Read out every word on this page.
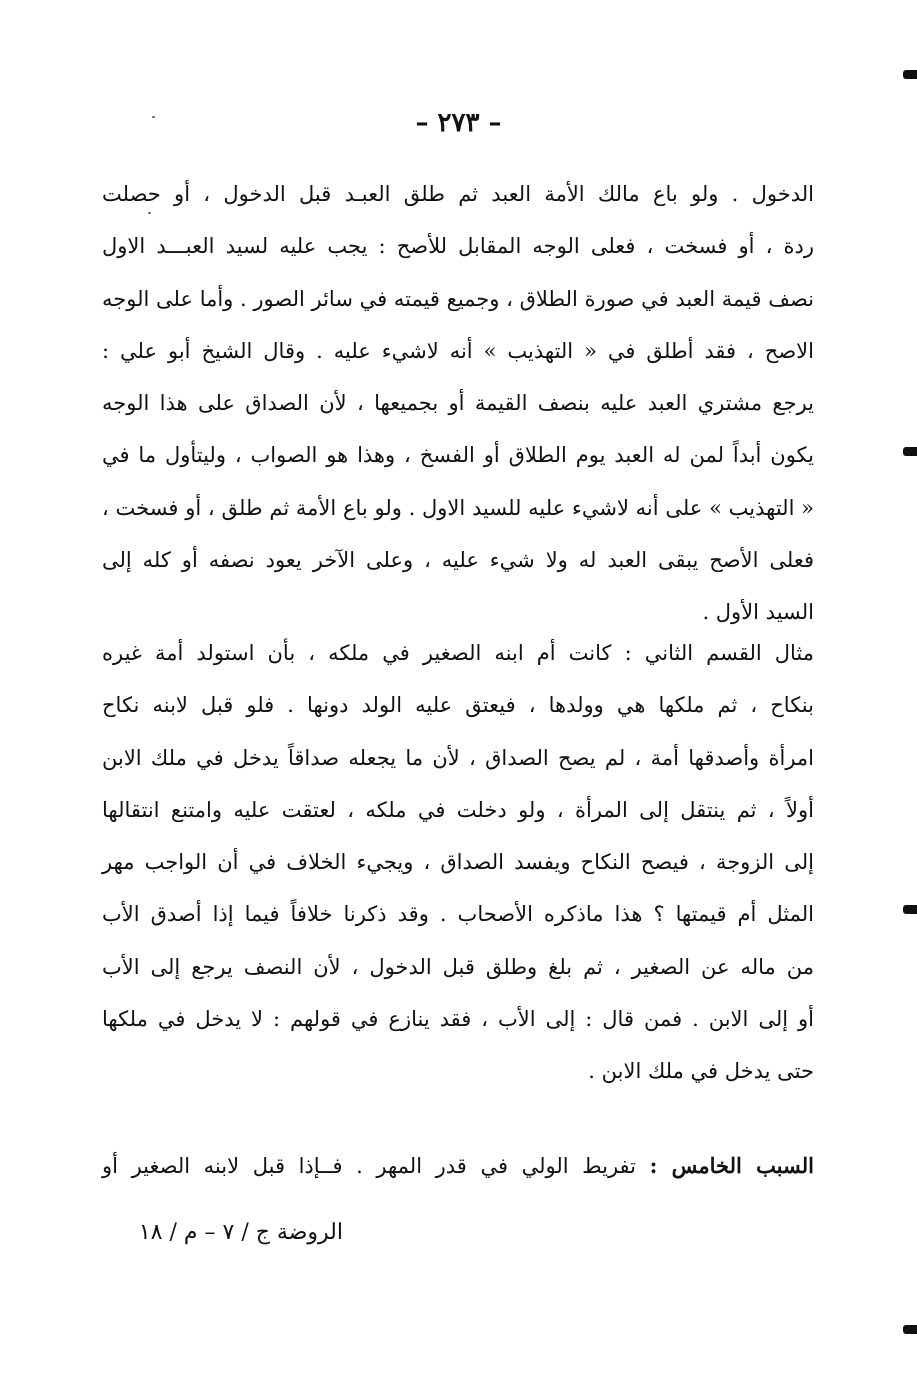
– ٢٧٣ –
الدخول . ولو باع مالك الأمة العبد ثم طلق العبـد قبل الدخول ، أو حصلت
ردة ، أو فسخت ، فعلى الوجه المقابل للأصح : يجب عليه لسيد العبـــد الاول
نصف قيمة العبد في صورة الطلاق ، وجميع قيمته في سائر الصور . وأما على الوجه
الاصح ، فقد أطلق في « التهذيب » أنه لاشيء عليه . وقال الشيخ أبو علي :
يرجع مشتري العبد عليه بنصف القيمة أو بجميعها ، لأن الصداق على هذا الوجه
يكون أبداً لمن له العبد يوم الطلاق أو الفسخ ، وهذا هو الصواب ، وليتأول ما في
« التهذيب » على أنه لاشيء عليه للسيد الاول . ولو باع الأمة ثم طلق ، أو فسخت ،
فعلى الأصح يبقى العبد له ولا شيء عليه ، وعلى الآخر يعود نصفه أو كله إلى
السيد الأول .
مثال القسم الثاني : كانت أم ابنه الصغير في ملكه ، بأن استولد أمة غيره
بنكاح ، ثم ملكها هي وولدها ، فيعتق عليه الولد دونها . فلو قبل لابنه نكاح
امرأة وأصدقها أمة ، لم يصح الصداق ، لأن ما يجعله صداقاً يدخل في ملك الابن
أولاً ، ثم ينتقل إلى المرأة ، ولو دخلت في ملكه ، لعتقت عليه وامتنع انتقالها
إلى الزوجة ، فيصح النكاح ويفسد الصداق ، ويجيء الخلاف في أن الواجب مهر
المثل أم قيمتها ؟ هذا ماذكره الأصحاب . وقد ذكرنا خلافاً فيما إذا أصدق الأب
من ماله عن الصغير ، ثم بلغ وطلق قبل الدخول ، لأن النصف يرجع إلى الأب
أو إلى الابن . فمن قال : إلى الأب ، فقد ينازع في قولهم : لا يدخل في ملكها
حتى يدخل في ملك الابن .
السبب الخامس : تفريط الولي في قدر المهر . فــإذا قبل لابنه الصغير أو
الروضة ج / ٧ – م / ١٨
